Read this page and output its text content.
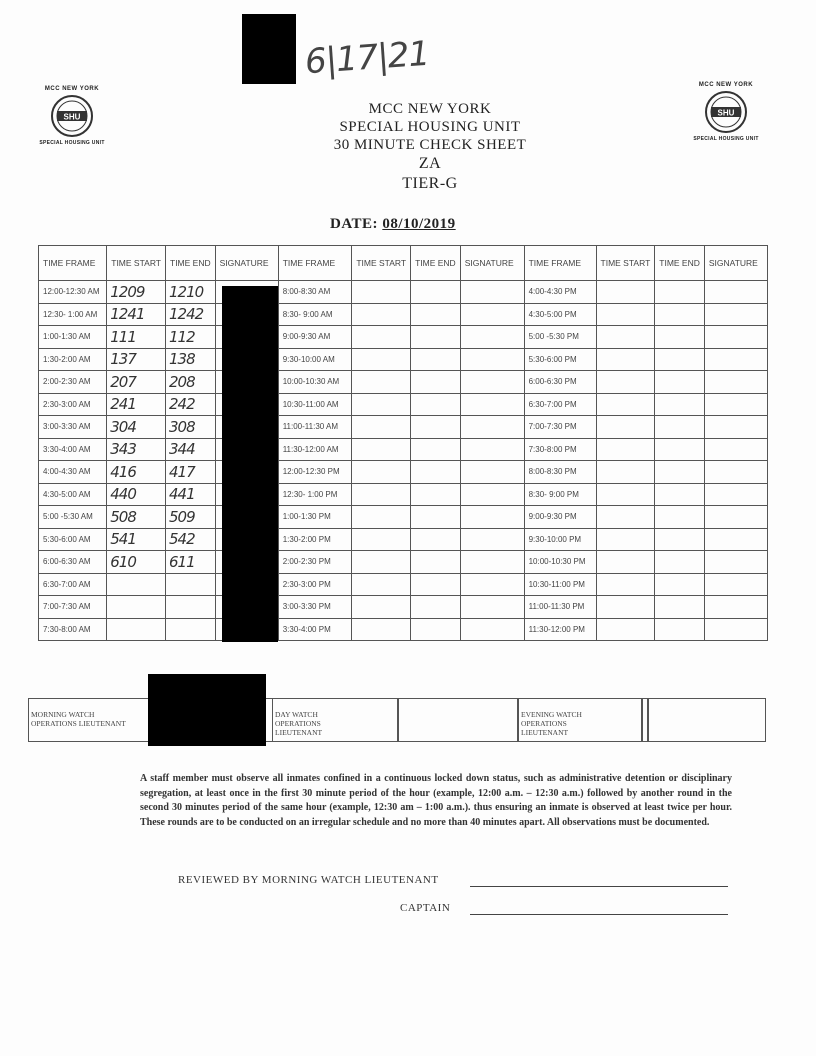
6|17|21
MCC NEW YORK
SHU
SPECIAL HOUSING UNIT
MCC NEW YORK
SHU
SPECIAL HOUSING UNIT
MCC NEW YORK
SPECIAL HOUSING UNIT
30 MINUTE CHECK SHEET
ZA
TIER-G
DATE: 08/10/2019
TIME FRAME	TIME START	TIME END	SIGNATURE	TIME FRAME	TIME START	TIME END	SIGNATURE	TIME FRAME	TIME START	TIME END	SIGNATURE
12:00-12:30 AM	1209	1210		8:00-8:30 AM				4:00-4:30 PM			
12:30- 1:00 AM	1241	1242		8:30- 9:00 AM				4:30-5:00 PM			
1:00-1:30 AM	111	112		9:00-9:30 AM				5:00 -5:30 PM			
1:30-2:00 AM	137	138		9:30-10:00 AM				5:30-6:00 PM			
2:00-2:30 AM	207	208		10:00-10:30 AM				6:00-6:30 PM			
2:30-3:00 AM	241	242		10:30-11:00 AM				6:30-7:00 PM			
3:00-3:30 AM	304	308		11:00-11:30 AM				7:00-7:30 PM			
3:30-4:00 AM	343	344		11:30-12:00 AM				7:30-8:00 PM			
4:00-4:30 AM	416	417		12:00-12:30 PM				8:00-8:30 PM			
4:30-5:00 AM	440	441		12:30- 1:00 PM				8:30- 9:00 PM			
5:00 -5:30 AM	508	509		1:00-1:30 PM				9:00-9:30 PM			
5:30-6:00 AM	541	542		1:30-2:00 PM				9:30-10:00 PM			
6:00-6:30 AM	610	611		2:00-2:30 PM				10:00-10:30 PM			
6:30-7:00 AM				2:30-3:00 PM				10:30-11:00 PM			
7:00-7:30 AM				3:00-3:30 PM				11:00-11:30 PM			
7:30-8:00 AM				3:30-4:00 PM				11:30-12:00 PM			
MORNING WATCH OPERATIONS LIEUTENANT
DAY WATCH OPERATIONS LIEUTENANT
EVENING WATCH OPERATIONS LIEUTENANT
A staff member must observe all inmates confined in a continuous locked down status, such as administrative detention or disciplinary segregation, at least once in the first 30 minute period of the hour (example, 12:00 a.m. – 12:30 a.m.) followed by another round in the second 30 minutes period of the same hour (example, 12:30 am – 1:00 a.m.). thus ensuring an inmate is observed at least twice per hour. These rounds are to be conducted on an irregular schedule and no more than 40 minutes apart. All observations must be documented.
REVIEWED BY MORNING WATCH LIEUTENANT
CAPTAIN
